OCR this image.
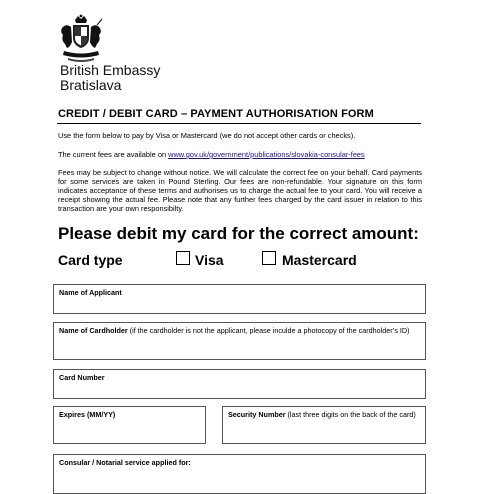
British Embassy
Bratislava
CREDIT / DEBIT CARD – PAYMENT AUTHORISATION FORM
Use the form below to pay by Visa or Mastercard (we do not accept other cards or checks).
The current fees are available on www.gov.uk/government/publications/slovakia-consular-fees
Fees may be subject to change without notice. We will calculate the correct fee on your behalf. Card payments for some services are taken in Pound Sterling. Our fees are non-refundable. Your signature on this form indicates acceptance of these terms and authorises us to charge the actual fee to your card. You will receive a receipt showing the actual fee. Please note that any further fees charged by the card issuer in relation to this transaction are your own responsibilty.
Please debit my card for the correct amount:
Card type	Visa	Mastercard
Name of Applicant
Name of Cardholder (if the cardholder is not the applicant, please inculde a photocopy of the cardholder’s ID)
Card Number
Expires (MM/YY)	Security Number (last three digits on the back of the card)
Consular / Notarial service applied for:
